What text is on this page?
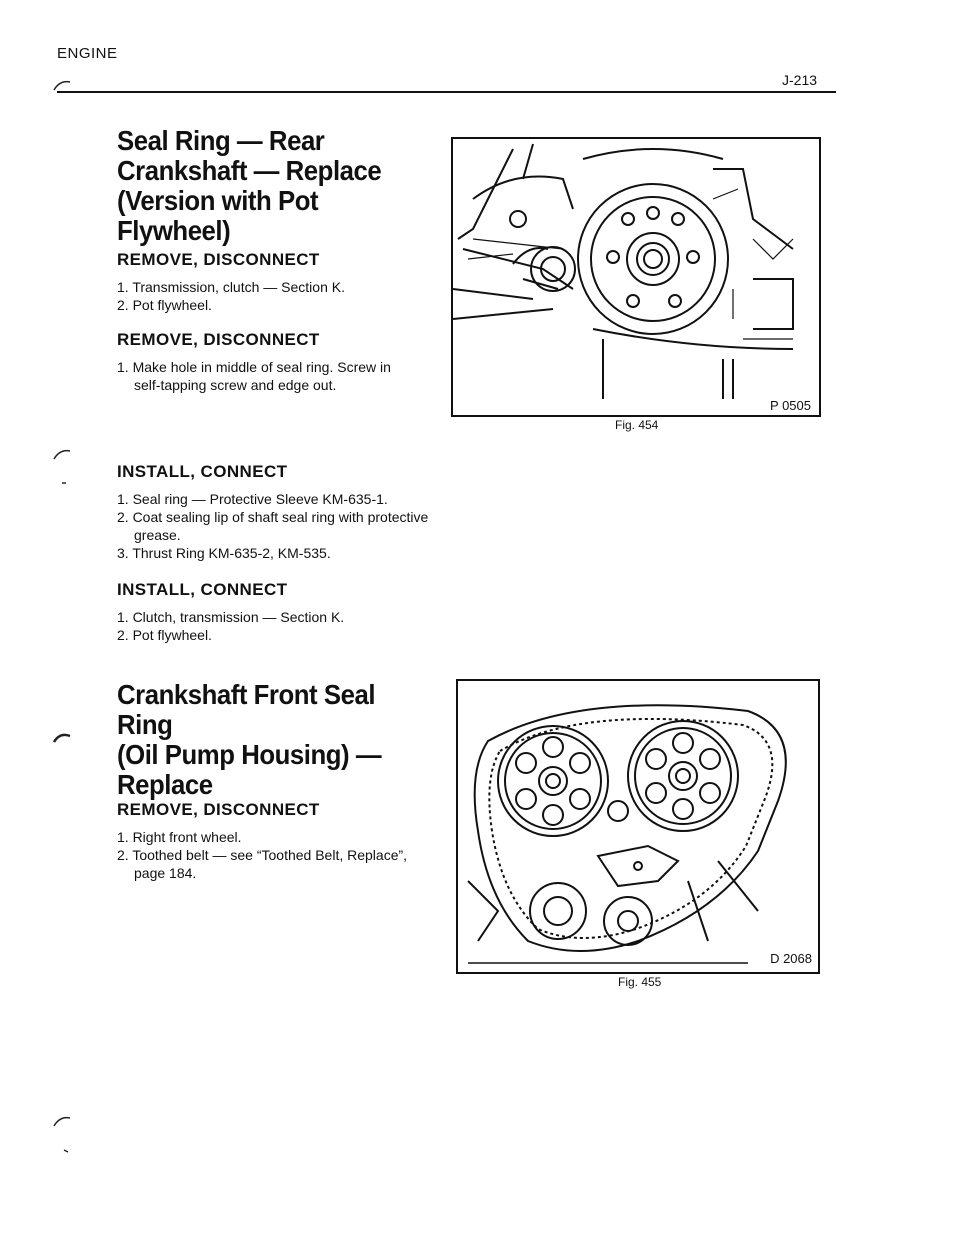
ENGINE
J-213
Seal Ring — Rear
Crankshaft — Replace
(Version with Pot
Flywheel)
REMOVE, DISCONNECT
1. Transmission, clutch — Section K.
2. Pot flywheel.
REMOVE, DISCONNECT
1. Make hole in middle of seal ring. Screw in self-tapping screw and edge out.
INSTALL, CONNECT
1. Seal ring — Protective Sleeve KM-635-1.
2. Coat sealing lip of shaft seal ring with protective grease.
3. Thrust Ring KM-635-2, KM-535.
INSTALL, CONNECT
1. Clutch, transmission — Section K.
2. Pot flywheel.
Crankshaft Front Seal
Ring
(Oil Pump Housing) —
Replace
REMOVE, DISCONNECT
1. Right front wheel.
2. Toothed belt — see “Toothed Belt, Replace”, page 184.
P 0505
Fig. 454
D 2068
Fig. 455
